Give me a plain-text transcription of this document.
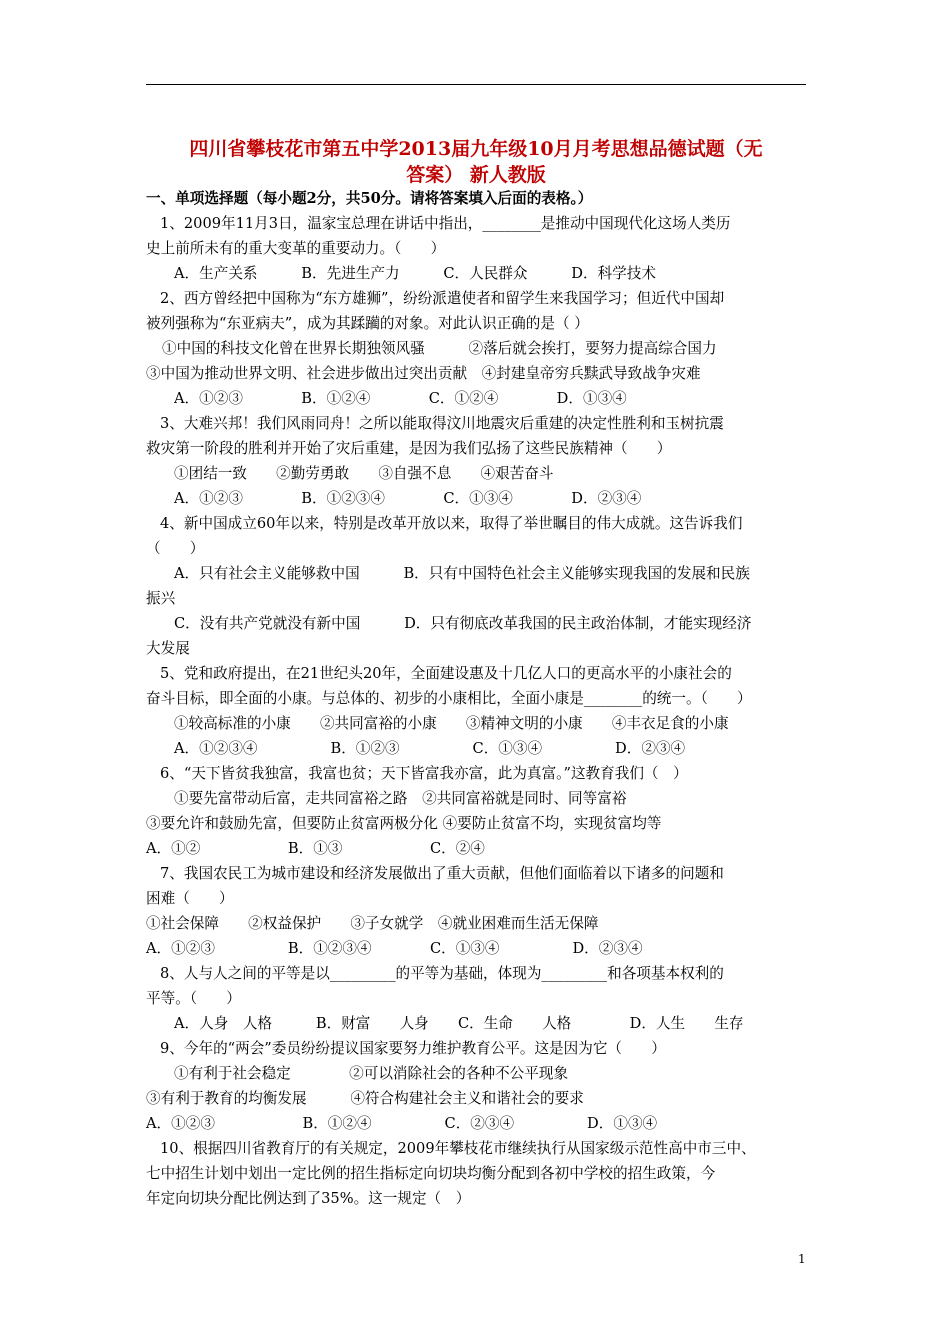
四川省攀枝花市第五中学2013届九年级10月月考思想品德试题（无
答案） 新人教版
一、单项选择题（每小题2分，共50分。请将答案填入后面的表格。）
1、2009年11月3日，温家宝总理在讲话中指出，________是推动中国现代化这场人类历
史上前所未有的重大变革的重要动力。（　　）
A．生产关系　　　B．先进生产力　　　C．人民群众　　　D．科学技术
2、西方曾经把中国称为“东方雄狮”，纷纷派遣使者和留学生来我国学习；但近代中国却
被列强称为“东亚病夫”，成为其蹂躏的对象。对此认识正确的是（ ）
①中国的科技文化曾在世界长期独领风骚　　　②落后就会挨打，要努力提高综合国力
③中国为推动世界文明、社会进步做出过突出贡献　④封建皇帝穷兵黩武导致战争灾难
A．①②③　　　　B．①②④　　　　C．①②④　　　　D．①③④
3、大难兴邦！我们风雨同舟！之所以能取得汶川地震灾后重建的决定性胜利和玉树抗震
救灾第一阶段的胜利并开始了灾后重建，是因为我们弘扬了这些民族精神（　　）
①团结一致　　②勤劳勇敢　　③自强不息　　④艰苦奋斗
A．①②③　　　　B．①②③④　　　　C．①③④　　　　D．②③④
4、新中国成立60年以来，特别是改革开放以来，取得了举世瞩目的伟大成就。这告诉我们
（　　）
A．只有社会主义能够救中国　　　B．只有中国特色社会主义能够实现我国的发展和民族
振兴
C．没有共产党就没有新中国　　　D．只有彻底改革我国的民主政治体制，才能实现经济
大发展
5、党和政府提出，在21世纪头20年，全面建设惠及十几亿人口的更高水平的小康社会的
奋斗目标，即全面的小康。与总体的、初步的小康相比，全面小康是________的统一。（　　）
①较高标准的小康　　②共同富裕的小康　　③精神文明的小康　　④丰衣足食的小康
A．①②③④　　　　　B．①②③　　　　　C．①③④　　　　　D．②③④
6、“天下皆贫我独富，我富也贫；天下皆富我亦富，此为真富。”这教育我们（　）
①要先富带动后富，走共同富裕之路　②共同富裕就是同时、同等富裕
③要允许和鼓励先富，但要防止贫富两极分化 ④要防止贫富不均，实现贫富均等
A．①②　　　　　　B．①③　　　　　　C．②④
7、我国农民工为城市建设和经济发展做出了重大贡献，但他们面临着以下诸多的问题和
困难（　　）
①社会保障　　②权益保护　　③子女就学　④就业困难而生活无保障
A．①②③　　　　　B．①②③④　　　　C．①③④　　　　　D．②③④
8、人与人之间的平等是以_________的平等为基础，体现为_________和各项基本权利的
平等。（　　）
A．人身　人格　　　B．财富　　人身　　C．生命　　人格　　　　D．人生　　生存
9、今年的“两会”委员纷纷提议国家要努力维护教育公平。这是因为它（　　）
①有利于社会稳定　　　　②可以消除社会的各种不公平现象
③有利于教育的均衡发展　　　④符合构建社会主义和谐社会的要求
A．①②③　　　　　　B．①②④　　　　　C．②③④　　　　　D．①③④
10、根据四川省教育厅的有关规定，2009年攀枝花市继续执行从国家级示范性高中市三中、
七中招生计划中划出一定比例的招生指标定向切块均衡分配到各初中学校的招生政策，今
年定向切块分配比例达到了35%。这一规定（　）
1
